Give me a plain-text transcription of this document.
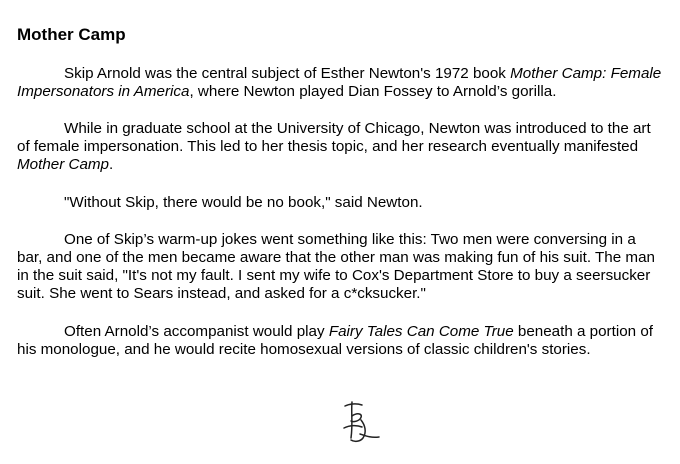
Mother Camp

Skip Arnold was the central subject of Esther Newton's 1972 book Mother Camp: Female Impersonators in America, where Newton played Dian Fossey to Arnold’s gorilla.

While in graduate school at the University of Chicago, Newton was introduced to the art of female impersonation. This led to her thesis topic, and her research eventually manifested Mother Camp.

"Without Skip, there would be no book," said Newton.

One of Skip’s warm-up jokes went something like this: Two men were conversing in a bar, and one of the men became aware that the other man was making fun of his suit. The man in the suit said, "It's not my fault. I sent my wife to Cox's Department Store to buy a seersucker suit. She went to Sears instead, and asked for a c*cksucker."

Often Arnold’s accompanist would play Fairy Tales Can Come True beneath a portion of his monologue, and he would recite homosexual versions of classic children's stories.
